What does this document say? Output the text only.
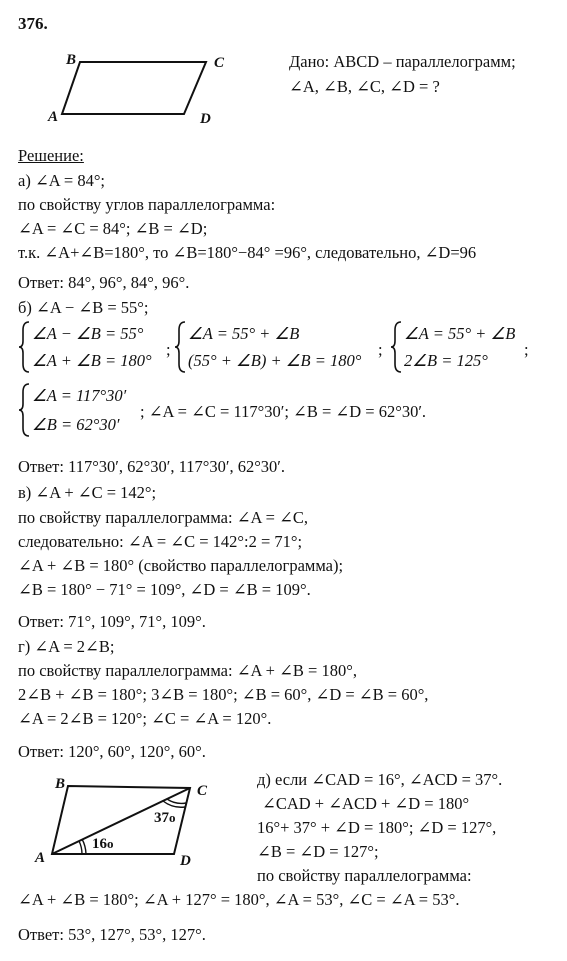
376.
B	C
A	D
Дано: ABCD – параллелограмм;
∠A, ∠B, ∠C, ∠D = ?
Решение:
а) ∠A = 84°;
по свойству углов параллелограмма:
∠A = ∠C = 84°; ∠B = ∠D;
т.к. ∠A+∠B=180°, то ∠B=180°−84° =96°, следовательно, ∠D=96
Ответ: 84°, 96°, 84°, 96°.
б) ∠A − ∠B = 55°;
∠A − ∠B = 55°
∠A + ∠B = 180°
;
∠A = 55° + ∠B
(55° + ∠B) + ∠B = 180°
;
∠A = 55° + ∠B
2∠B = 125°
;
∠A = 117°30′
∠B = 62°30′
; ∠A = ∠C = 117°30′; ∠B = ∠D = 62°30′.
Ответ: 117°30′, 62°30′, 117°30′, 62°30′.
в) ∠A + ∠C = 142°;
по свойству параллелограмма: ∠A = ∠C,
следовательно: ∠A = ∠C = 142°:2 = 71°;
∠A + ∠B = 180° (свойство параллелограмма);
∠B = 180° − 71° = 109°, ∠D = ∠B = 109°.
Ответ: 71°, 109°, 71°, 109°.
г) ∠A = 2∠B;
по свойству параллелограмма: ∠A + ∠B = 180°,
2∠B + ∠B = 180°; 3∠B = 180°; ∠B = 60°, ∠D = ∠B = 60°,
∠A = 2∠B = 120°; ∠C = ∠A = 120°.
Ответ: 120°, 60°, 120°, 60°.
B	C
A	D
16o
37o
д) если ∠CAD = 16°, ∠ACD = 37°.
∠CAD + ∠ACD + ∠D = 180°
16°+ 37° + ∠D = 180°; ∠D = 127°,
∠B = ∠D = 127°;
по свойству параллелограмма:
∠A + ∠B = 180°; ∠A + 127° = 180°, ∠A = 53°, ∠C = ∠A = 53°.
Ответ: 53°, 127°, 53°, 127°.
